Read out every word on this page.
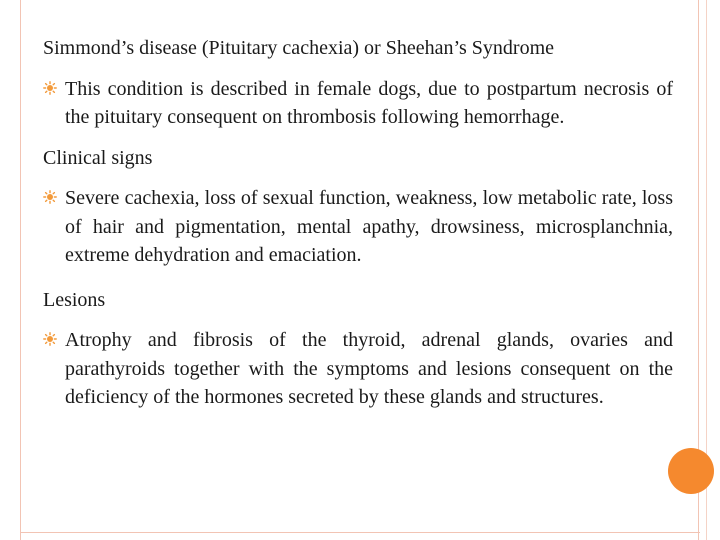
Simmond’s disease (Pituitary cachexia) or Sheehan’s Syndrome

This condition is described in female dogs, due to postpartum necrosis of the pituitary consequent on thrombosis following hemorrhage.

Clinical signs

Severe cachexia, loss of sexual function, weakness, low metabolic rate, loss of hair and pigmentation, mental apathy, drowsiness, microsplanchnia, extreme dehydration and emaciation.

Lesions

Atrophy and fibrosis of the thyroid, adrenal glands, ovaries and parathyroids together with the symptoms and lesions consequent on the deficiency of the hormones secreted by these glands and structures.
